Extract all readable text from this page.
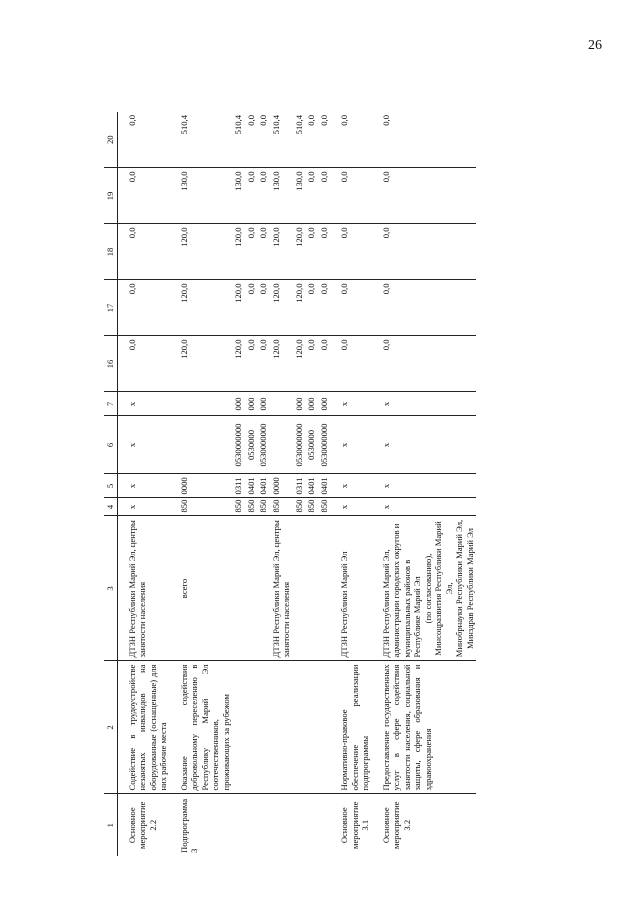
26
1	2	3	4	5	6	7	16	17	18	19	20
Основное мероприятие 2.2	Содействие в трудоустройстве незанятых инвалидов на оборудованные (оснащенные) для них рабочие места	ДТЗН Республики Марий Эл, центры занятости населения	х	х	х	х	0,0	0,0	0,0	0,0	0,0
Подпрограмма 3	Оказание содействия добровольному переселению в Республику Марий Эл соотечественников, проживающих за рубежом	всего	850	0000			120,0	120,0	120,0	130,0	510,4
			850	0311	0530000000	000	120,0	120,0	120,0	130,0	510,4
			850	0401	0530000	000	0,0	0,0	0,0	0,0	0,0
			850	0401	0530000000	000	0,0	0,0	0,0	0,0	0,0
		ДТЗН Республики Марий Эл, центры занятости населения	850	0000			120,0	120,0	120,0	130,0	510,4
			850	0311	0530000000	000	120,0	120,0	120,0	130,0	510,4
			850	0401	0530000	000	0,0	0,0	0,0	0,0	0,0
			850	0401	0530000000	000	0,0	0,0	0,0	0,0	0,0
Основное мероприятие 3.1	Нормативно-правовое обеспечение реализации подпрограммы	ДТЗН Республики Марий Эл	х	х	х	х	0,0	0,0	0,0	0,0	0,0
Основное мероприятие 3.2	Предоставление государственных услуг в сфере содействия занятости населения, социальной защиты, сфере образования и здравоохранения	ДТЗН Республики Марий Эл, администрации городских округов и муниципальных районов в Республике Марий Эл (по согласованию), Минсоцразвития Республики Марий Эл, Минобрнауки Республики Марий Эл, Минздрав Республики Марий Эл	х	х	х	х	0,0	0,0	0,0	0,0	0,0
